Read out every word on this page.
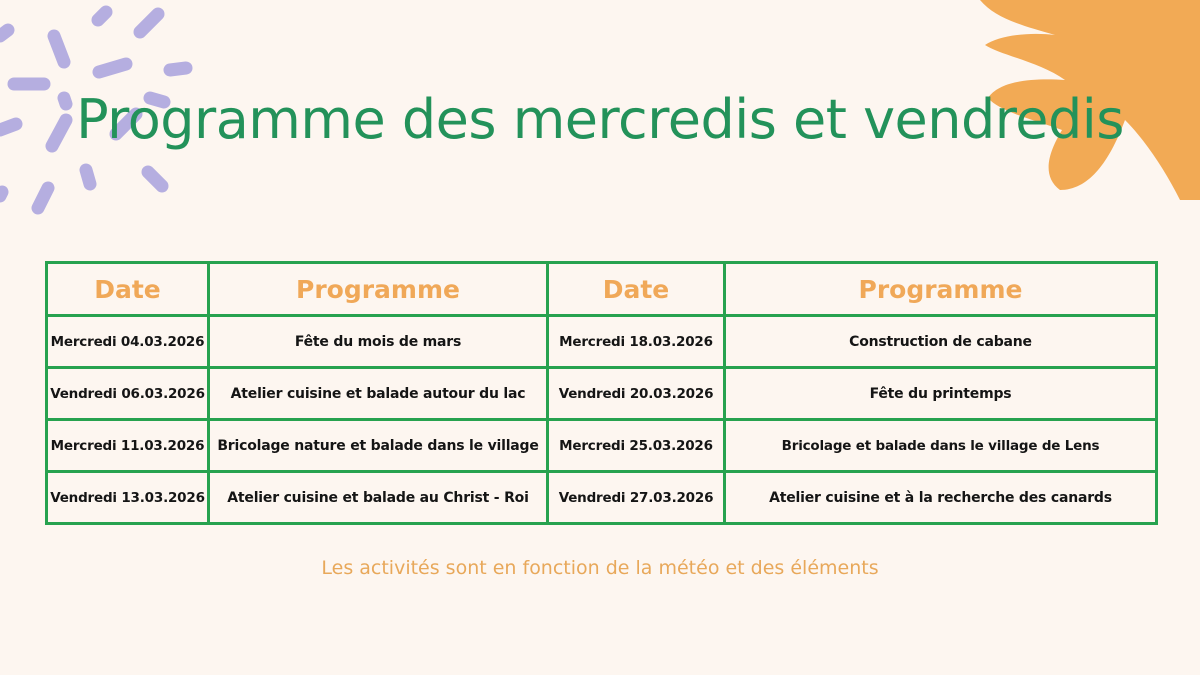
Programme des mercredis et vendredis
Date	Programme	Date	Programme
Mercredi 04.03.2026	Fête du mois de mars	Mercredi 18.03.2026	Construction de cabane
Vendredi 06.03.2026	Atelier cuisine et balade autour du lac	Vendredi 20.03.2026	Fête du printemps
Mercredi 11.03.2026	Bricolage nature et balade dans le village	Mercredi 25.03.2026	Bricolage et balade dans le village de Lens
Vendredi 13.03.2026	Atelier cuisine et balade au Christ - Roi	Vendredi 27.03.2026	Atelier cuisine et à la recherche des canards
Les activités sont en fonction de la météo et des éléments
